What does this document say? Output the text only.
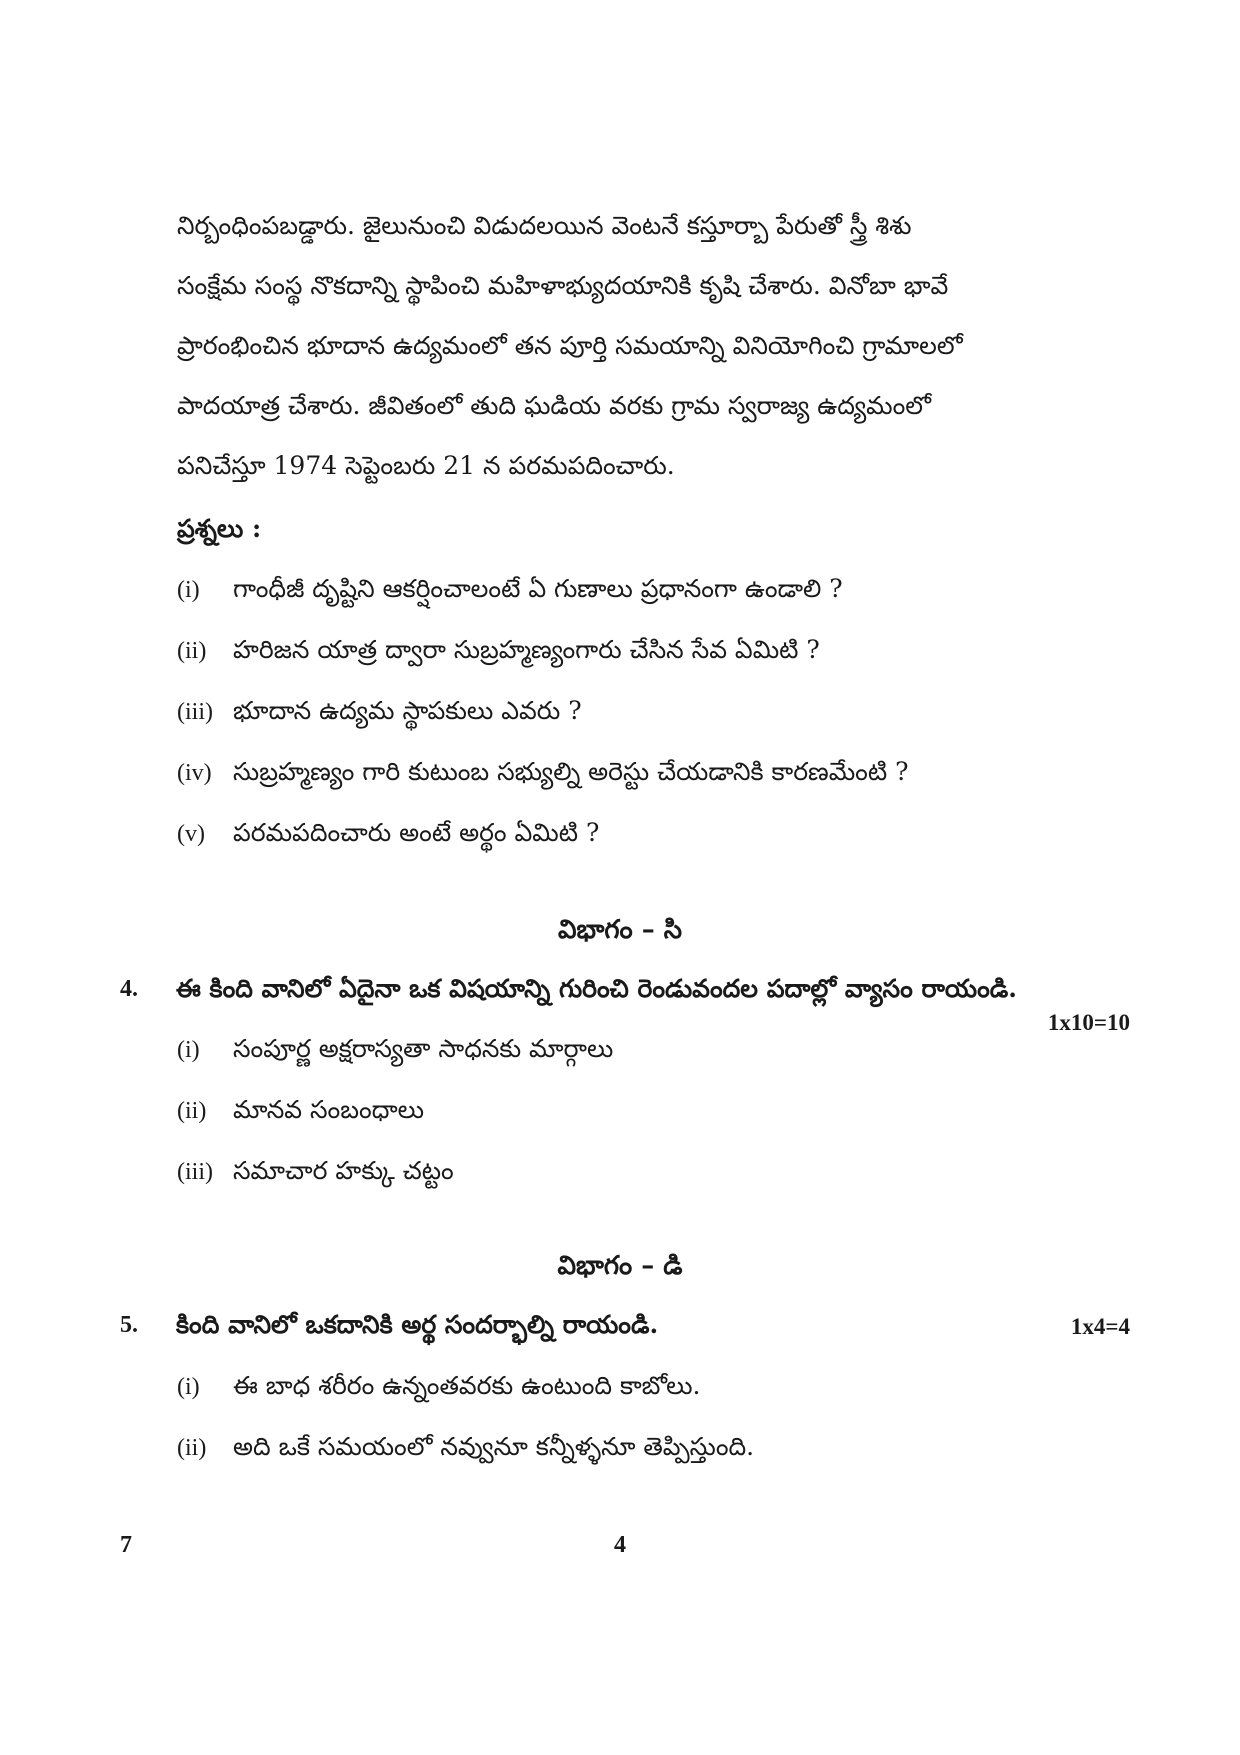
నిర్బంధింపబడ్డారు. జైలునుంచి విడుదలయిన వెంటనే కస్తూర్బా పేరుతో స్త్రీ శిశు
సంక్షేమ సంస్థ నొకదాన్ని స్థాపించి మహిళాభ్యుదయానికి కృషి చేశారు. వినోబా భావే
ప్రారంభించిన భూదాన ఉద్యమంలో తన పూర్తి సమయాన్ని వినియోగించి గ్రామాలలో
పాదయాత్ర చేశారు. జీవితంలో తుది ఘడియ వరకు గ్రామ స్వరాజ్య ఉద్యమంలో
పనిచేస్తూ 1974 సెప్టెంబరు 21 న పరమపదించారు.
ప్రశ్నలు :
(i) గాంధీజీ దృష్టిని ఆకర్షించాలంటే ఏ గుణాలు ప్రధానంగా ఉండాలి ?
(ii) హరిజన యాత్ర ద్వారా సుబ్రహ్మణ్యంగారు చేసిన సేవ ఏమిటి ?
(iii) భూదాన ఉద్యమ స్థాపకులు ఎవరు ?
(iv) సుబ్రహ్మణ్యం గారి కుటుంబ సభ్యుల్ని అరెస్టు చేయడానికి కారణమేంటి ?
(v) పరమపదించారు అంటే అర్థం ఏమిటి ?
విభాగం – సి
4. ఈ కింది వానిలో ఏదైనా ఒక విషయాన్ని గురించి రెండువందల పదాల్లో వ్యాసం రాయండి.
1x10=10
(i) సంపూర్ణ అక్షరాస్యతా సాధనకు మార్గాలు
(ii) మానవ సంబంధాలు
(iii) సమాచార హక్కు చట్టం
విభాగం – డి
5. కింది వానిలో ఒకదానికి అర్థ సందర్భాల్ని రాయండి.	1x4=4
(i) ఈ బాధ శరీరం ఉన్నంతవరకు ఉంటుంది కాబోలు.
(ii) అది ఒకే సమయంలో నవ్వునూ కన్నీళ్ళనూ తెప్పిస్తుంది.
7	4
